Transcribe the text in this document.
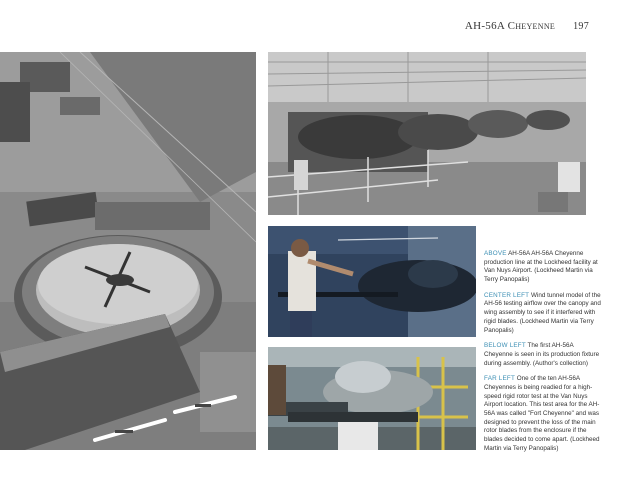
AH-56A Cheyenne 197

ABOVE AH-56A AH-56A Cheyenne production line at the Lockheed facility at Van Nuys Airport. (Lockheed Martin via Terry Panopalis)

CENTER LEFT Wind tunnel model of the AH-56 testing airflow over the canopy and wing assembly to see if it interfered with rigid blades. (Lockheed Martin via Terry Panopalis)

BELOW LEFT The first AH-56A Cheyenne is seen in its production fixture during assembly. (Author's collection)

FAR LEFT One of the ten AH-56A Cheyennes is being readied for a high-speed rigid rotor test at the Van Nuys Airport location. This test area for the AH-56A was called "Fort Cheyenne" and was designed to prevent the loss of the main rotor blades from the enclosure if the blades decided to come apart. (Lockheed Martin via Terry Panopalis)
